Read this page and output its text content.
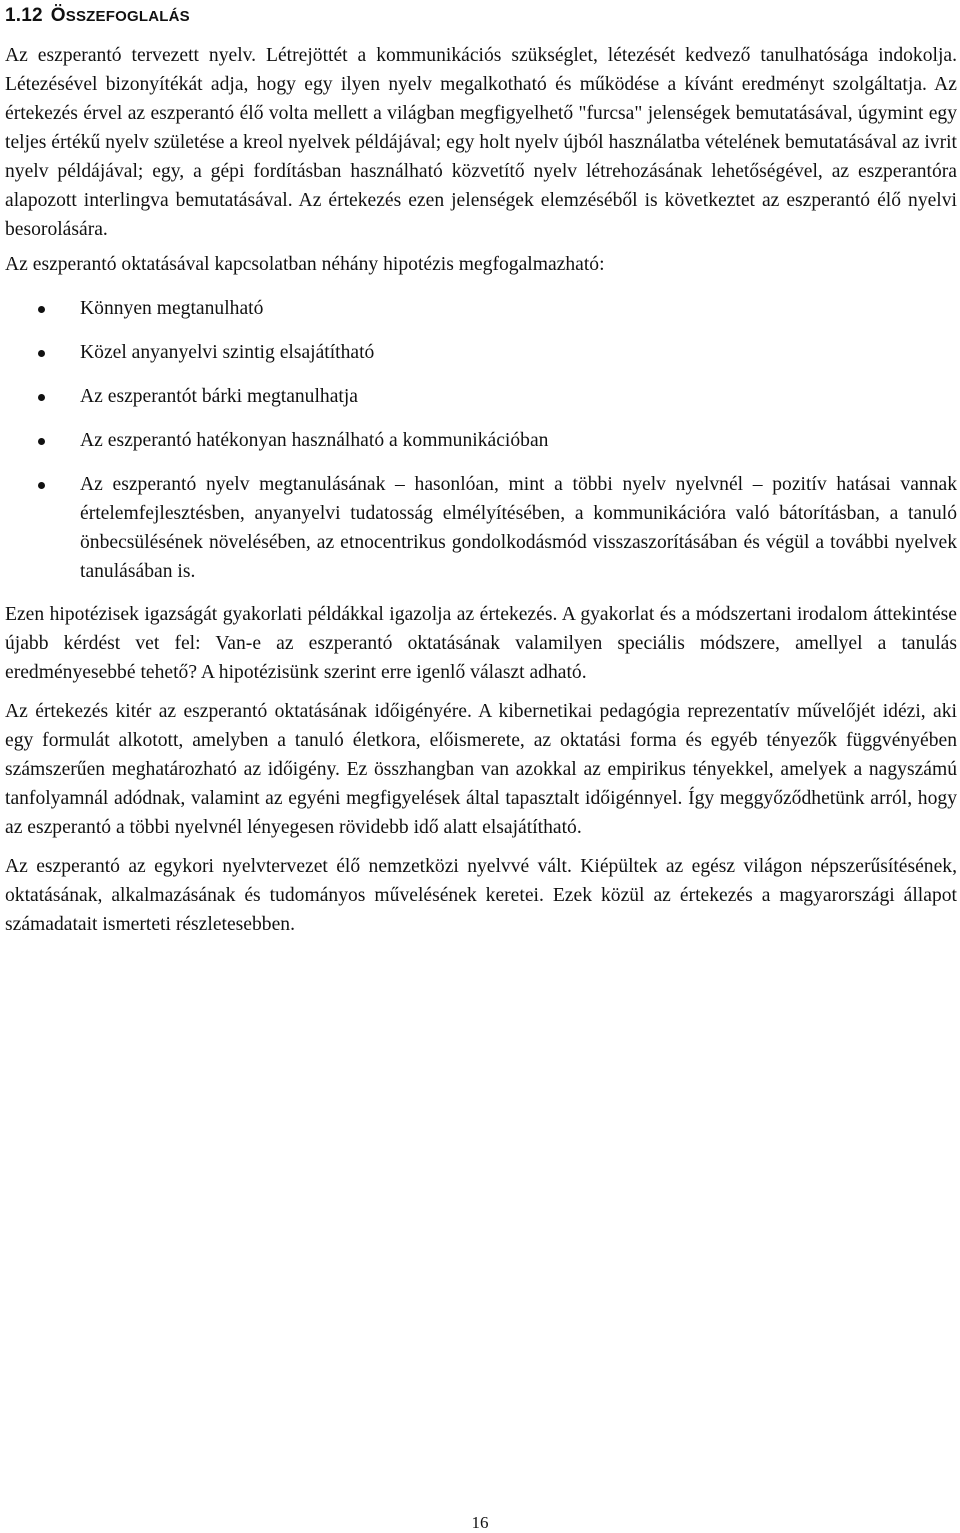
1.12 ÖSSZEFOGLALÁS

Az eszperantó tervezett nyelv. Létrejöttét a kommunikációs szükséglet, létezését kedvező tanulhatósága indokolja. Létezésével bizonyítékát adja, hogy egy ilyen nyelv megalkotható és működése a kívánt eredményt szolgáltatja. Az értekezés érvel az eszperantó élő volta mellett a világban megfigyelhető "furcsa" jelenségek bemutatásával, úgymint egy teljes értékű nyelv születése a kreol nyelvek példájával; egy holt nyelv újból használatba vételének bemutatásával az ivrit nyelv példájával; egy, a gépi fordításban használható közvetítő nyelv létrehozásának lehetőségével, az eszperantóra alapozott interlingva bemutatásával. Az értekezés ezen jelenségek elemzéséből is következtet az eszperantó élő nyelvi besorolására.

Az eszperantó oktatásával kapcsolatban néhány hipotézis megfogalmazható:

Könnyen megtanulható
Közel anyanyelvi szintig elsajátítható
Az eszperantót bárki megtanulhatja
Az eszperantó hatékonyan használható a kommunikációban
Az eszperantó nyelv megtanulásának – hasonlóan, mint a többi nyelv nyelvnél – pozitív hatásai vannak értelemfejlesztésben, anyanyelvi tudatosság elmélyítésében, a kommunikációra való bátorításban, a tanuló önbecsülésének növelésében, az etnocentrikus gondolkodásmód visszaszorításában és végül a további nyelvek tanulásában is.

Ezen hipotézisek igazságát gyakorlati példákkal igazolja az értekezés. A gyakorlat és a módszertani irodalom áttekintése újabb kérdést vet fel: Van-e az eszperantó oktatásának valamilyen speciális módszere, amellyel a tanulás eredményesebbé tehető? A hipotézisünk szerint erre igenlő választ adható.

Az értekezés kitér az eszperantó oktatásának időigényére. A kibernetikai pedagógia reprezentatív művelőjét idézi, aki egy formulát alkotott, amelyben a tanuló életkora, előismerete, az oktatási forma és egyéb tényezők függvényében számszerűen meghatározható az időigény. Ez összhangban van azokkal az empirikus tényekkel, amelyek a nagyszámú tanfolyamnál adódnak, valamint az egyéni megfigyelések által tapasztalt időigénnyel. Így meggyőződhetünk arról, hogy az eszperantó a többi nyelvnél lényegesen rövidebb idő alatt elsajátítható.

Az eszperantó az egykori nyelvtervezet élő nemzetközi nyelvvé vált. Kiépültek az egész világon népszerűsítésének, oktatásának, alkalmazásának és tudományos művelésének keretei. Ezek közül az értekezés a magyarországi állapot számadatait ismerteti részletesebben.

16
